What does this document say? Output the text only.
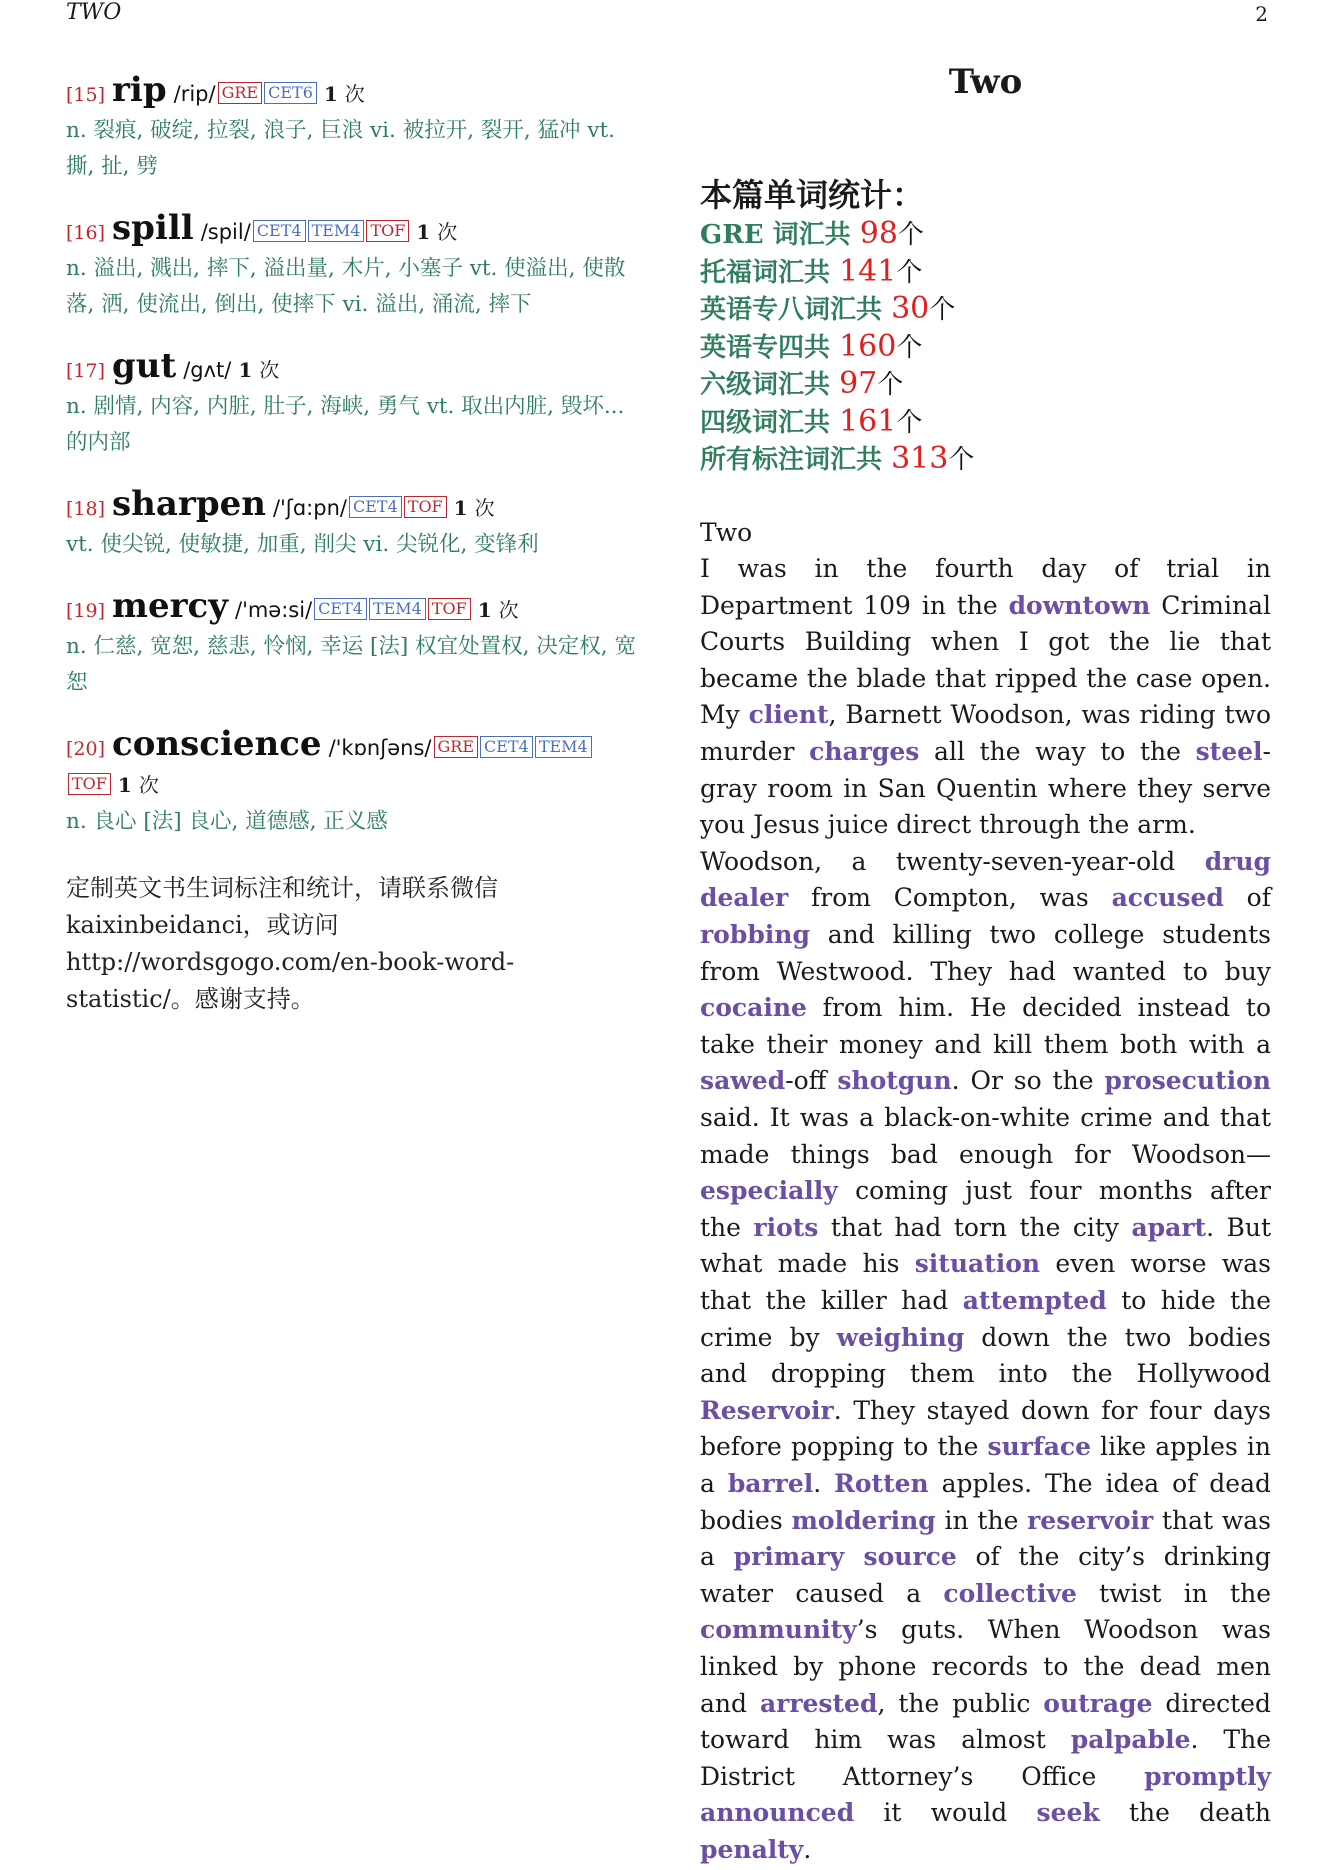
TWO	2
[15] rip /rip/ GRE CET6 1 次
n. 裂痕, 破绽, 拉裂, 浪子, 巨浪 vi. 被拉开, 裂开, 猛冲 vt. 撕, 扯, 劈
[16] spill /spil/ CET4 TEM4 TOF 1 次
n. 溢出, 溅出, 摔下, 溢出量, 木片, 小塞子 vt. 使溢出, 使散落, 洒, 使流出, 倒出, 使摔下 vi. 溢出, 涌流, 摔下
[17] gut /gʌt/ 1 次
n. 剧情, 内容, 内脏, 肚子, 海峡, 勇气 vt. 取出内脏, 毁坏... 的内部
[18] sharpen /'ʃɑ:pn/ CET4 TOF 1 次
vt. 使尖锐, 使敏捷, 加重, 削尖 vi. 尖锐化, 变锋利
[19] mercy /'mə:si/ CET4 TEM4 TOF 1 次
n. 仁慈, 宽恕, 慈悲, 怜悯, 幸运 [法] 权宜处置权, 决定权, 宽恕
[20] conscience /'kɒnʃəns/ GRE CET4 TEM4TOF 1 次
n. 良心 [法] 良心, 道德感, 正义感
定制英文书生词标注和统计，请联系微信 kaixinbeidanci，或访问 http://wordsgogo.com/en-book-word-statistic/。感谢支持。
Two
本篇单词统计：
GRE 词汇共 98个
托福词汇共 141个
英语专八词汇共 30个
英语专四共 160个
六级词汇共 97个
四级词汇共 161个
所有标注词汇共 313个

Two

I was in the fourth day of trial in Department 109 in the downtown Criminal Courts Building when I got the lie that became the blade that ripped the case open. My client, Barnett Woodson, was riding two murder charges all the way to the steel-gray room in San Quentin where they serve you Jesus juice direct through the arm.

Woodson, a twenty-seven-year-old drug dealer from Compton, was accused of robbing and killing two college students from Westwood. They had wanted to buy cocaine from him. He decided instead to take their money and kill them both with a sawed-off shotgun. Or so the prosecution said. It was a black-on-white crime and that made things bad enough for Woodson—especially coming just four months after the riots that had torn the city apart. But what made his situation even worse was that the killer had attempted to hide the crime by weighing down the two bodies and dropping them into the Hollywood Reservoir. They stayed down for four days before popping to the surface like apples in a barrel. Rotten apples. The idea of dead bodies moldering in the reservoir that was a primary source of the city’s drinking water caused a collective twist in the community’s guts. When Woodson was linked by phone records to the dead men and arrested, the public outrage directed toward him was almost palpable. The District Attorney’s Office promptly announced it would seek the death penalty.
